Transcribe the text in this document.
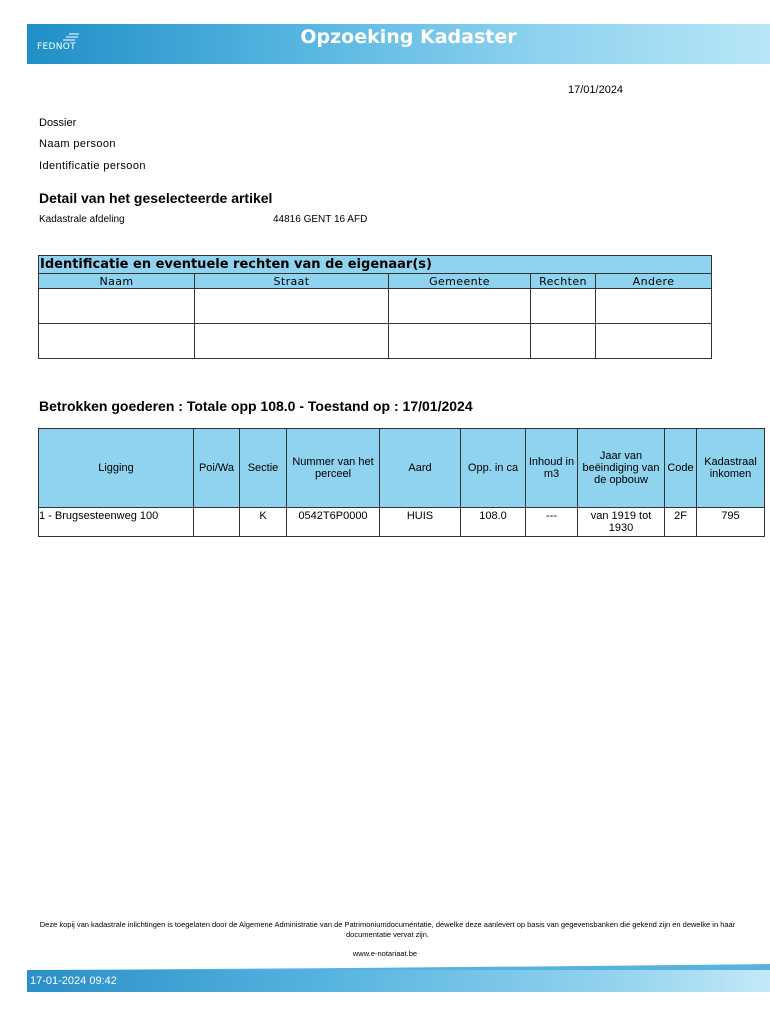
FEDNOT	Opzoeking Kadaster
17/01/2024
Dossier
Naam persoon
Identificatie persoon
Detail van het geselecteerde artikel
Kadastrale afdeling	44816 GENT 16 AFD
Identificatie en eventuele rechten van de eigenaar(s)				
Naam	Straat	Gemeente	Rechten	Andere

Betrokken goederen : Totale opp 108.0 - Toestand op : 17/01/2024
Ligging	Poi/Wa	Sectie	Nummer van het perceel	Aard	Opp. in ca	Inhoud in m3	Jaar van beëindiging van de opbouw	Code	Kadastraal inkomen
1 - Brugsesteenweg 100		K	0542T6P0000	HUIS	108.0	---	van 1919 tot 1930	2F	795
Deze kopij van kadastrale inlichtingen is toegelaten door de Algemene Administratie van de Patrimoniumdocumentatie, dewelke deze aanlevert op basis van gegevensbanken die gekend zijn en dewelke in haar documentatie vervat zijn.
www.e-notariaat.be
17-01-2024 09:42
